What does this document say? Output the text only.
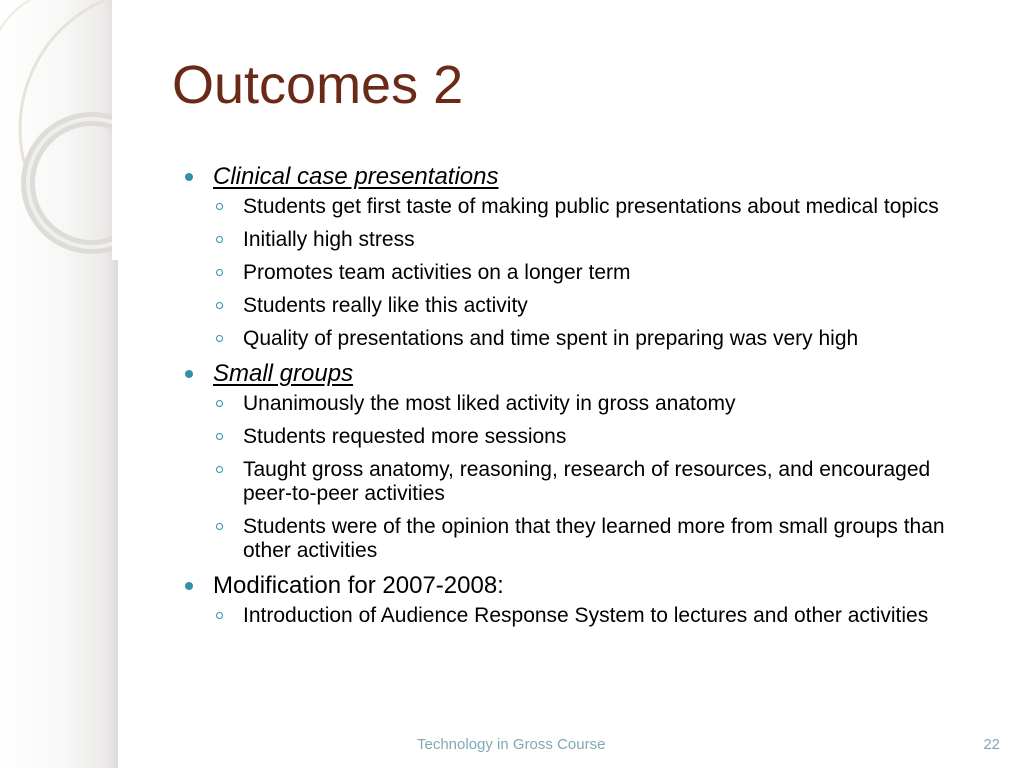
Outcomes 2
Clinical case presentations
Students get first taste of making public presentations about medical topics
Initially high stress
Promotes team activities on a longer term
Students really like this activity
Quality of presentations and time spent in preparing was very high
Small groups
Unanimously the most liked activity in gross anatomy
Students requested more sessions
Taught gross anatomy, reasoning, research of resources, and encouraged peer-to-peer activities
Students were of the opinion that they learned more from small groups than other activities
Modification for 2007-2008:
Introduction of Audience Response System to lectures and other activities
Technology in Gross Course	22
